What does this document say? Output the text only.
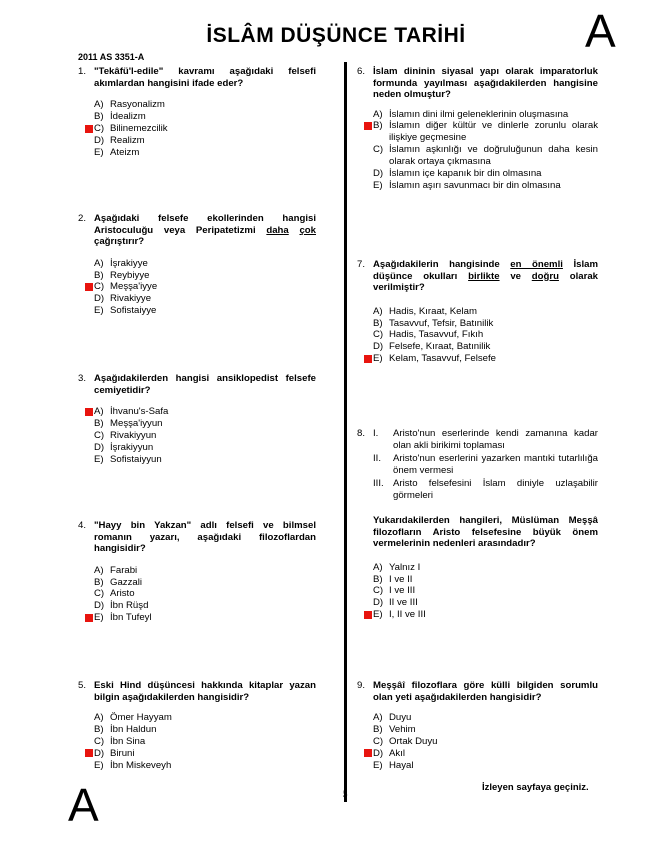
İSLÂM DÜŞÜNCE TARİHİ	A
2011 AS 3351-A
1. "Tekâfü'l-edile" kavramı aşağıdaki felsefi akımlardan hangisini ifade eder?
A) Rasyonalizm
B) İdealizm
C) Bilinemezcilik
D) Realizm
E) Ateizm
2. Aşağıdaki felsefe ekollerinden hangisi Aristoculuğu veya Peripatetizmi daha çok çağrıştırır?
A) İşrakiyye
B) Reybiyye
C) Meşşa'iyye
D) Rivakiyye
E) Sofistaiyye
3. Aşağıdakilerden hangisi ansiklopedist felsefe cemiyetidir?
A) İhvanu's-Safa
B) Meşşa'iyyun
C) Rivakiyyun
D) İşrakiyyun
E) Sofistaiyyun
4. "Hayy bin Yakzan" adlı felsefi ve bilmsel romanın yazarı, aşağıdaki filozoflardan hangisidir?
A) Farabi
B) Gazzali
C) Aristo
D) İbn Rüşd
E) İbn Tufeyl
5. Eski Hind düşüncesi hakkında kitaplar yazan bilgin aşağıdakilerden hangisidir?
A) Ömer Hayyam
B) İbn Haldun
C) İbn Sina
D) Biruni
E) İbn Miskeveyh
6. İslam dininin siyasal yapı olarak imparatorluk formunda yayılması aşağıdakilerden hangisine neden olmuştur?
A) İslamın dini ilmi geleneklerinin oluşmasına
B) İslamın diğer kültür ve dinlerle zorunlu olarak ilişkiye geçmesine
C) İslamın aşkınlığı ve doğruluğunun daha kesin olarak ortaya çıkmasına
D) İslamın içe kapanık bir din olmasına
E) İslamın aşırı savunmacı bir din olmasına
7. Aşağıdakilerin hangisinde en önemli İslam düşünce okulları birlikte ve doğru olarak verilmiştir?
A) Hadis, Kıraat, Kelam
B) Tasavvuf, Tefsir, Batınilik
C) Hadis, Tasavvuf, Fıkıh
D) Felsefe, Kıraat, Batınilik
E) Kelam, Tasavvuf, Felsefe
8. I.	Aristo'nun eserlerinde kendi zamanına kadar olan akli birikimi toplaması
II.	Aristo'nun eserlerini yazarken mantıki tutarlılığa önem vermesi
III. Aristo felsefesini İslam diniyle uzlaşabilir görmeleri
Yukarıdakilerden hangileri, Müslüman Meşşâ filozofların Aristo felsefesine büyük önem vermelerinin nedenleri arasındadır?
A) Yalnız I
B) I ve II
C) I ve III
D) II ve III
E) I, II ve III
9. Meşşâî filozoflara göre külli bilgiden sorumlu olan yeti aşağıdakilerden hangisidir?
A) Duyu
B) Vehim
C) Ortak Duyu
D) Akıl
E) Hayal
A	5
İzleyen sayfaya geçiniz.
